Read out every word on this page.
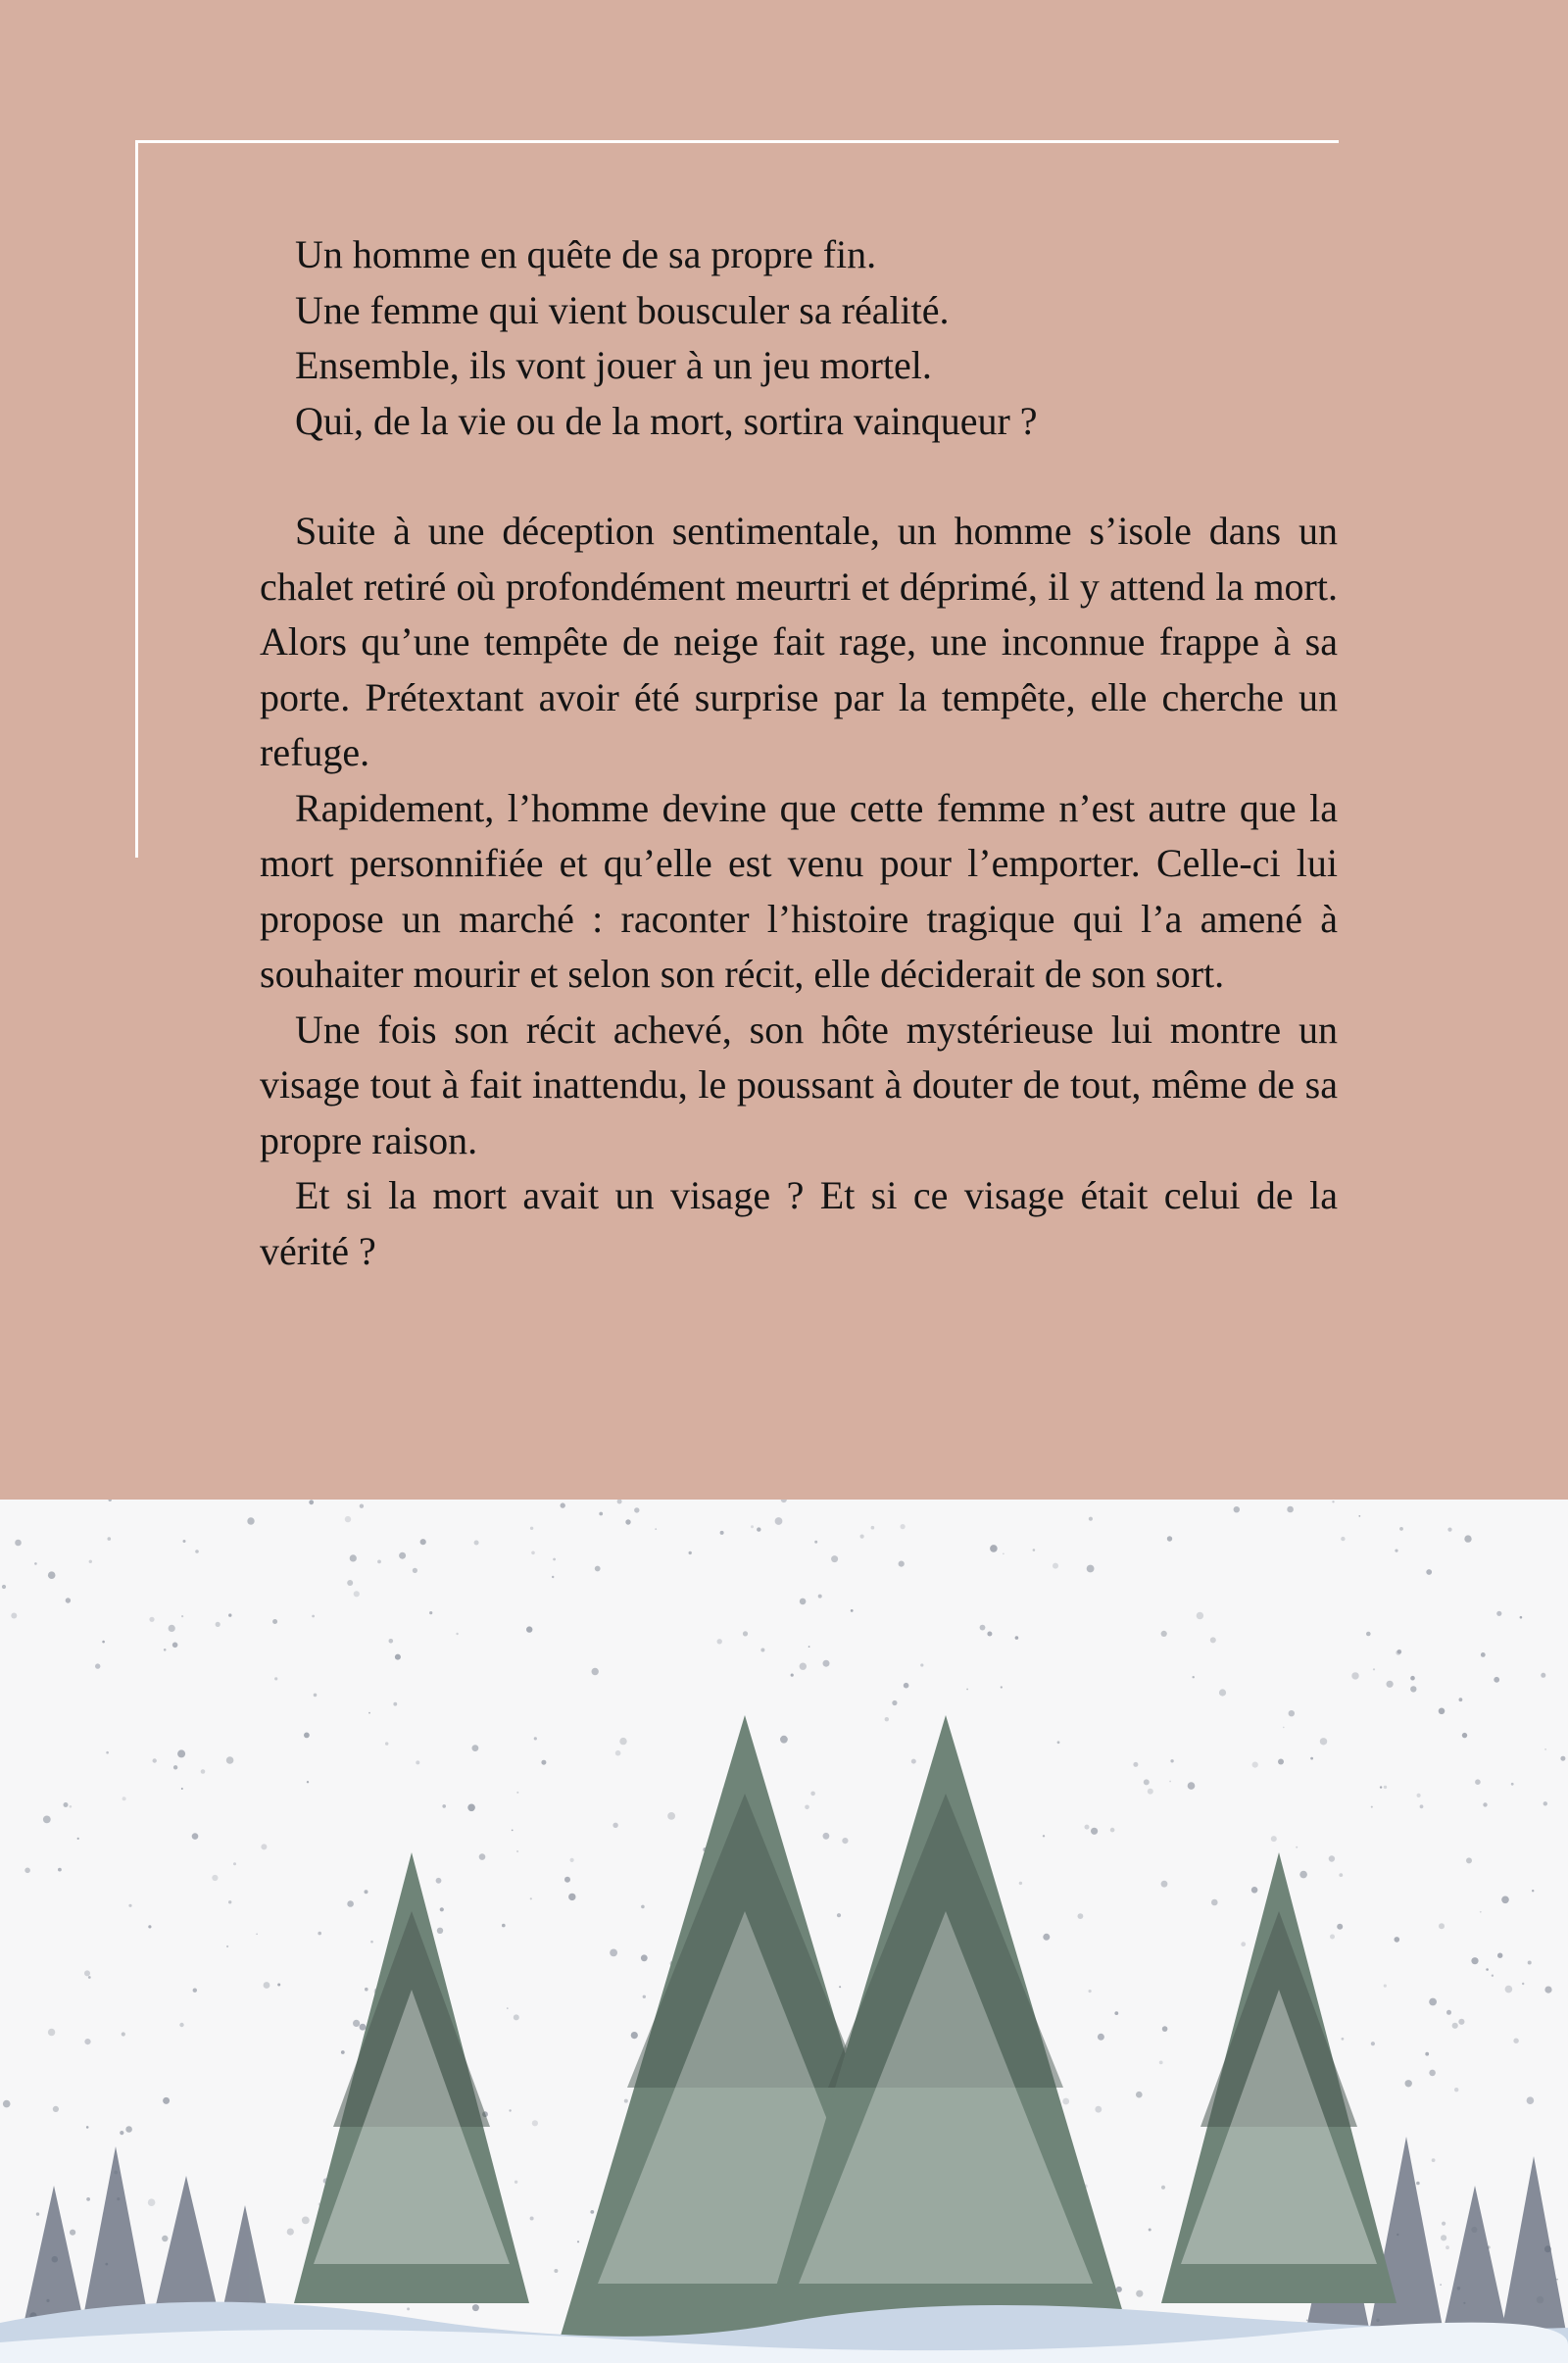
Un homme en quête de sa propre fin.

Une femme qui vient bousculer sa réalité.

Ensemble, ils vont jouer à un jeu mortel.

Qui, de la vie ou de la mort, sortira vainqueur ?

Suite à une déception sentimentale, un homme s’isole dans un chalet retiré où profondément meurtri et déprimé, il y attend la mort. Alors qu’une tempête de neige fait rage, une inconnue frappe à sa porte. Prétextant avoir été surprise par la tempête, elle cherche un refuge.

Rapidement, l’homme devine que cette femme n’est autre que la mort personnifiée et qu’elle est venu pour l’emporter. Celle-ci lui propose un marché : raconter l’histoire tragique qui l’a amené à souhaiter mourir et selon son récit, elle déciderait de son sort.

Une fois son récit achevé, son hôte mystérieuse lui montre un visage tout à fait inattendu, le poussant à douter de tout, même de sa propre raison.

Et si la mort avait un visage ? Et si ce visage était celui de la vérité ?
